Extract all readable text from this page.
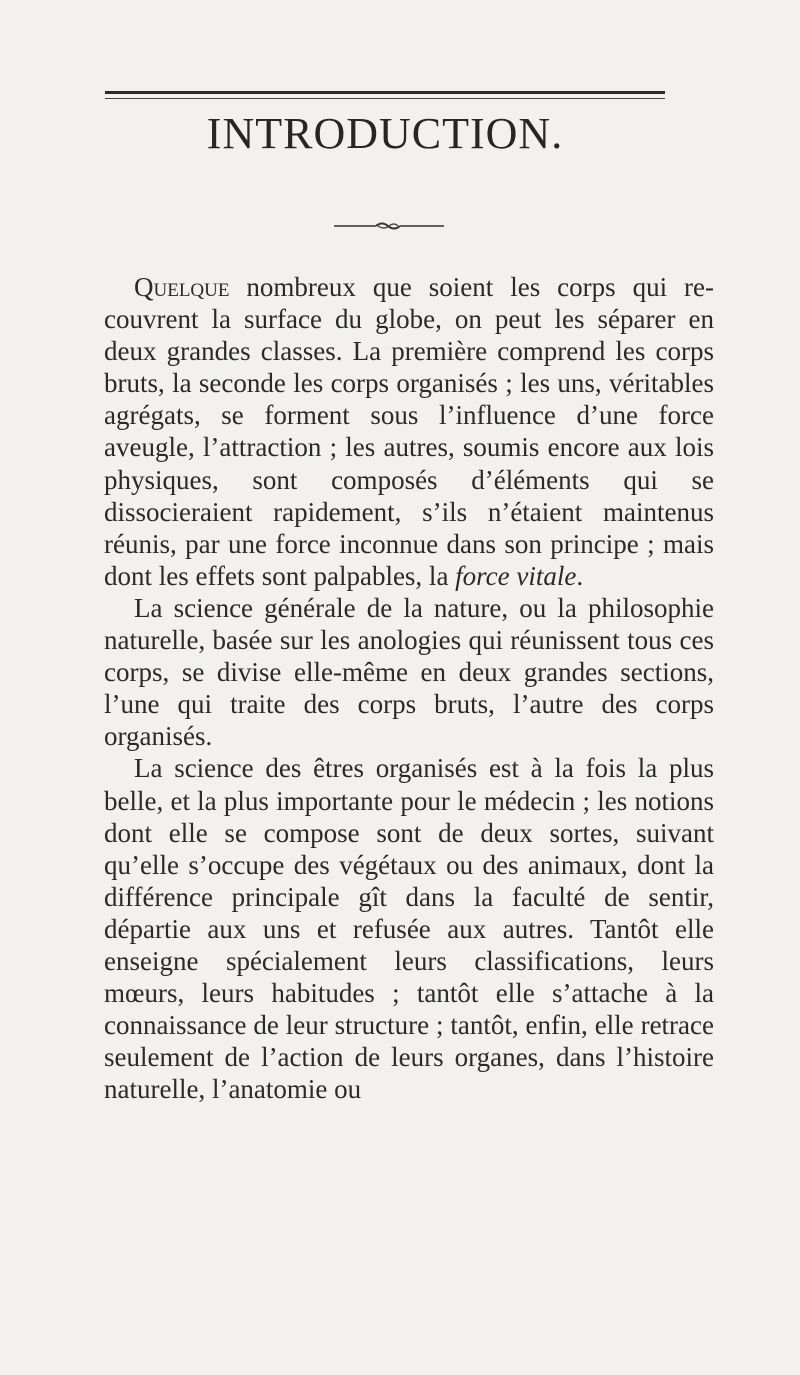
INTRODUCTION.

Quelque nombreux que soient les corps qui recouvrent la surface du globe, on peut les séparer en deux grandes classes. La première comprend les corps bruts, la seconde les corps organisés ; les uns, véritables agrégats, se forment sous l’influence d’une force aveugle, l’attraction ; les autres, soumis encore aux lois physiques, sont composés d’éléments qui se dissocieraient rapidement, s’ils n’étaient maintenus réunis, par une force inconnue dans son principe ; mais dont les effets sont palpables, la force vitale.

La science générale de la nature, ou la philosophie naturelle, basée sur les anologies qui réunissent tous ces corps, se divise elle-même en deux grandes sections, l’une qui traite des corps bruts, l’autre des corps organisés.

La science des êtres organisés est à la fois la plus belle, et la plus importante pour le médecin ; les notions dont elle se compose sont de deux sortes, suivant qu’elle s’occupe des végétaux ou des animaux, dont la différence principale gît dans la faculté de sentir, départie aux uns et refusée aux autres. Tantôt elle enseigne spécialement leurs classifications, leurs mœurs, leurs habitudes ; tantôt elle s’attache à la connaissance de leur structure ; tantôt, enfin, elle retrace seulement de l’action de leurs organes, dans l’histoire naturelle, l’anatomie ou
